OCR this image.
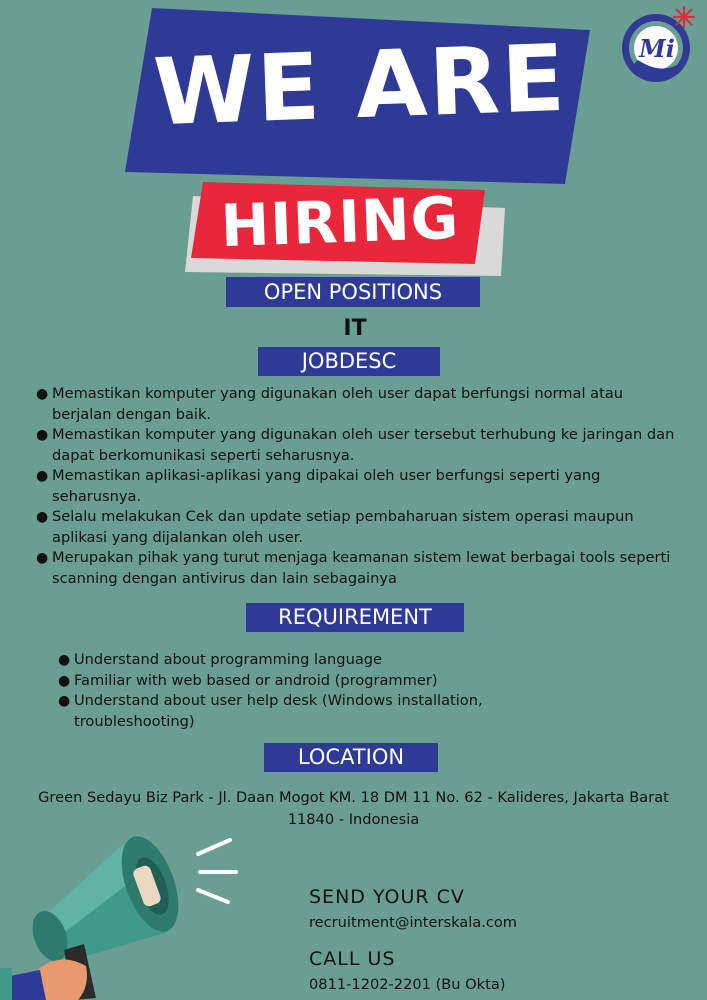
Mi
WE ARE
HIRING
OPEN POSITIONS
IT
JOBDESC
● Memastikan komputer yang digunakan oleh user dapat berfungsi normal atau berjalan dengan baik.
● Memastikan komputer yang digunakan oleh user tersebut terhubung ke jaringan dan dapat berkomunikasi seperti seharusnya.
● Memastikan aplikasi-aplikasi yang dipakai oleh user berfungsi seperti yang seharusnya.
● Selalu melakukan Cek dan update setiap pembaharuan sistem operasi maupun aplikasi yang dijalankan oleh user.
● Merupakan pihak yang turut menjaga keamanan sistem lewat berbagai tools seperti scanning dengan antivirus dan lain sebagainya
REQUIREMENT
● Understand about programming language
● Familiar with web based or android (programmer)
● Understand about user help desk (Windows installation, troubleshooting)
LOCATION
Green Sedayu Biz Park - Jl. Daan Mogot KM. 18 DM 11 No. 62 - Kalideres, Jakarta Barat 11840 - Indonesia
SEND YOUR CV
recruitment@interskala.com
CALL US
0811-1202-2201 (Bu Okta)
